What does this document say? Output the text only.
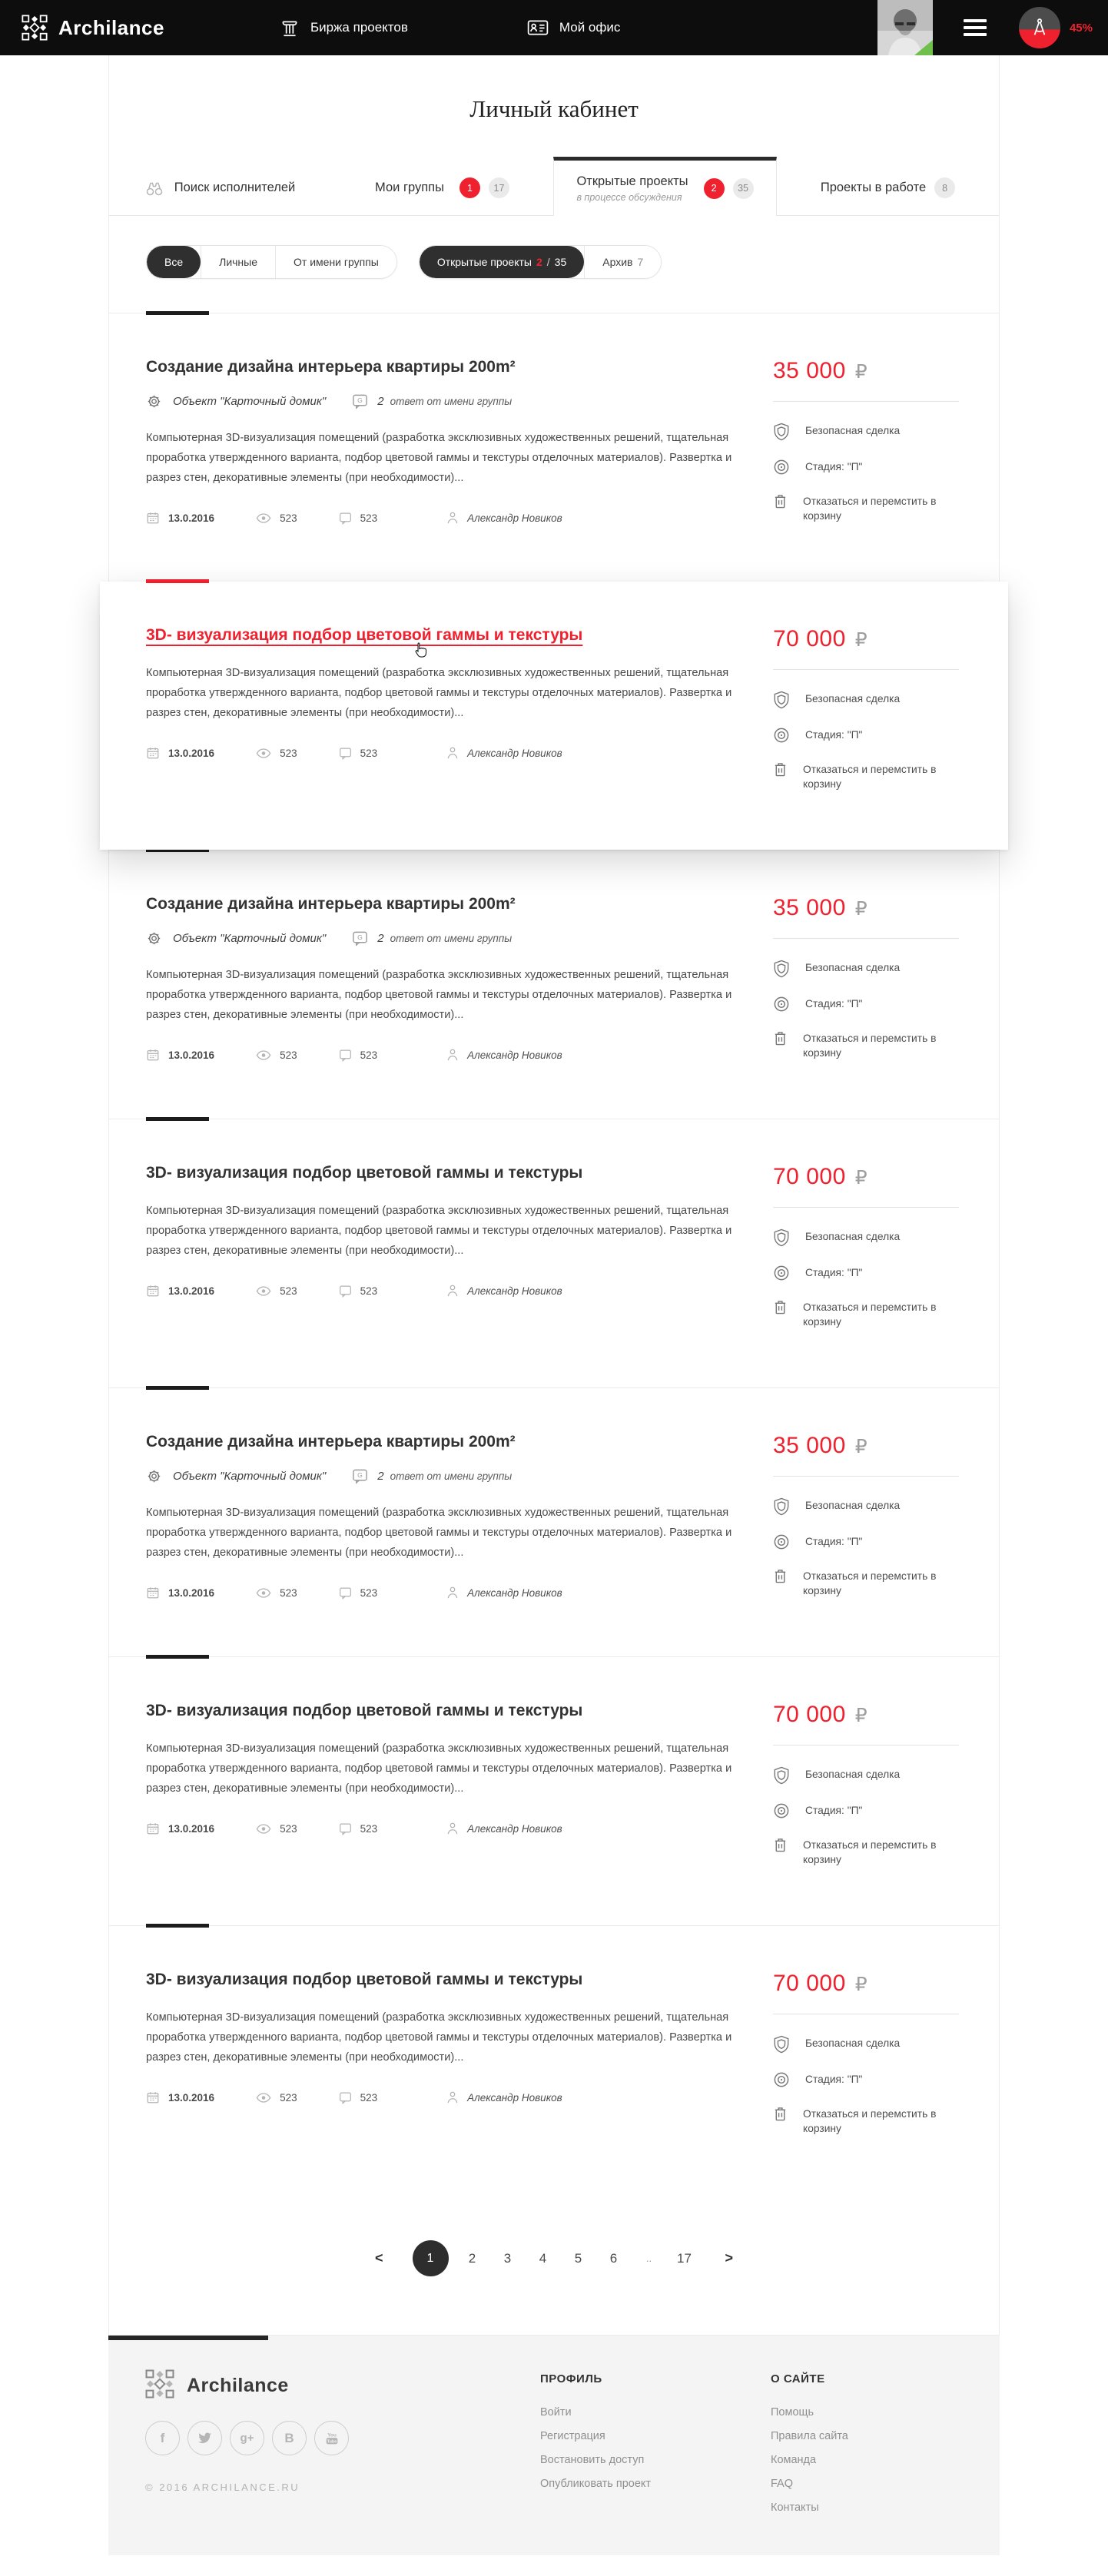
Archilance	Биржа проектов	Мой офис	45%
Личный кабинет
Поиск исполнителей	Мои группы	1	17	Открытые проекты
в процессе обсуждения
2	35	Проекты в работе	8
Все	Личные	От имени группы	Открытые проекты 2 / 35	Архив 7
Создание дизайна интерьера квартиры 200m²
Объект "Карточный домик"	G 2 ответ от имени группы

Компьютерная 3D-визуализация помещений (разработка эксклюзивных художественных решений, тщательная проработка утвержденного варианта, подбор цветовой гаммы и текстуры отделочных материалов). Развертка и разрез стен, декоративные элементы (при необходимости)...

13.0.2016	523	523	Александр Новиков
35 000 ₽
Безопасная сделка
Стадия: "П"
Отказаться и перемстить в корзину
3D- визуализация подбор цветовой гаммы и текстуры

Компьютерная 3D-визуализация помещений (разработка эксклюзивных художественных решений, тщательная проработка утвержденного варианта, подбор цветовой гаммы и текстуры отделочных материалов). Развертка и разрез стен, декоративные элементы (при необходимости)...

13.0.2016	523	523	Александр Новиков
70 000 ₽
Безопасная сделка
Стадия: "П"
Отказаться и перемстить в корзину
Создание дизайна интерьера квартиры 200m²
Объект "Карточный домик"	G 2 ответ от имени группы

Компьютерная 3D-визуализация помещений (разработка эксклюзивных художественных решений, тщательная проработка утвержденного варианта, подбор цветовой гаммы и текстуры отделочных материалов). Развертка и разрез стен, декоративные элементы (при необходимости)...

13.0.2016	523	523	Александр Новиков
35 000 ₽
Безопасная сделка
Стадия: "П"
Отказаться и перемстить в корзину
3D- визуализация подбор цветовой гаммы и текстуры

Компьютерная 3D-визуализация помещений (разработка эксклюзивных художественных решений, тщательная проработка утвержденного варианта, подбор цветовой гаммы и текстуры отделочных материалов). Развертка и разрез стен, декоративные элементы (при необходимости)...

13.0.2016	523	523	Александр Новиков
70 000 ₽
Безопасная сделка
Стадия: "П"
Отказаться и перемстить в корзину
Создание дизайна интерьера квартиры 200m²
Объект "Карточный домик"	G 2 ответ от имени группы

Компьютерная 3D-визуализация помещений (разработка эксклюзивных художественных решений, тщательная проработка утвержденного варианта, подбор цветовой гаммы и текстуры отделочных материалов). Развертка и разрез стен, декоративные элементы (при необходимости)...

13.0.2016	523	523	Александр Новиков
35 000 ₽
Безопасная сделка
Стадия: "П"
Отказаться и перемстить в корзину
3D- визуализация подбор цветовой гаммы и текстуры

Компьютерная 3D-визуализация помещений (разработка эксклюзивных художественных решений, тщательная проработка утвержденного варианта, подбор цветовой гаммы и текстуры отделочных материалов). Развертка и разрез стен, декоративные элементы (при необходимости)...

13.0.2016	523	523	Александр Новиков
70 000 ₽
Безопасная сделка
Стадия: "П"
Отказаться и перемстить в корзину
3D- визуализация подбор цветовой гаммы и текстуры

Компьютерная 3D-визуализация помещений (разработка эксклюзивных художественных решений, тщательная проработка утвержденного варианта, подбор цветовой гаммы и текстуры отделочных материалов). Развертка и разрез стен, декоративные элементы (при необходимости)...

13.0.2016	523	523	Александр Новиков
70 000 ₽
Безопасная сделка
Стадия: "П"
Отказаться и перемстить в корзину
<	1	2	3	4	5	6	..	17	>
Archilance
f	g+ B	You
Tube
© 2016 ARCHILANCE.RU
ПРОФИЛЬ
Войти
Регистрация
Востановить доступ
Опубликовать проект
О САЙТЕ
Помощь
Правила сайта
Команда
FAQ
Контакты
